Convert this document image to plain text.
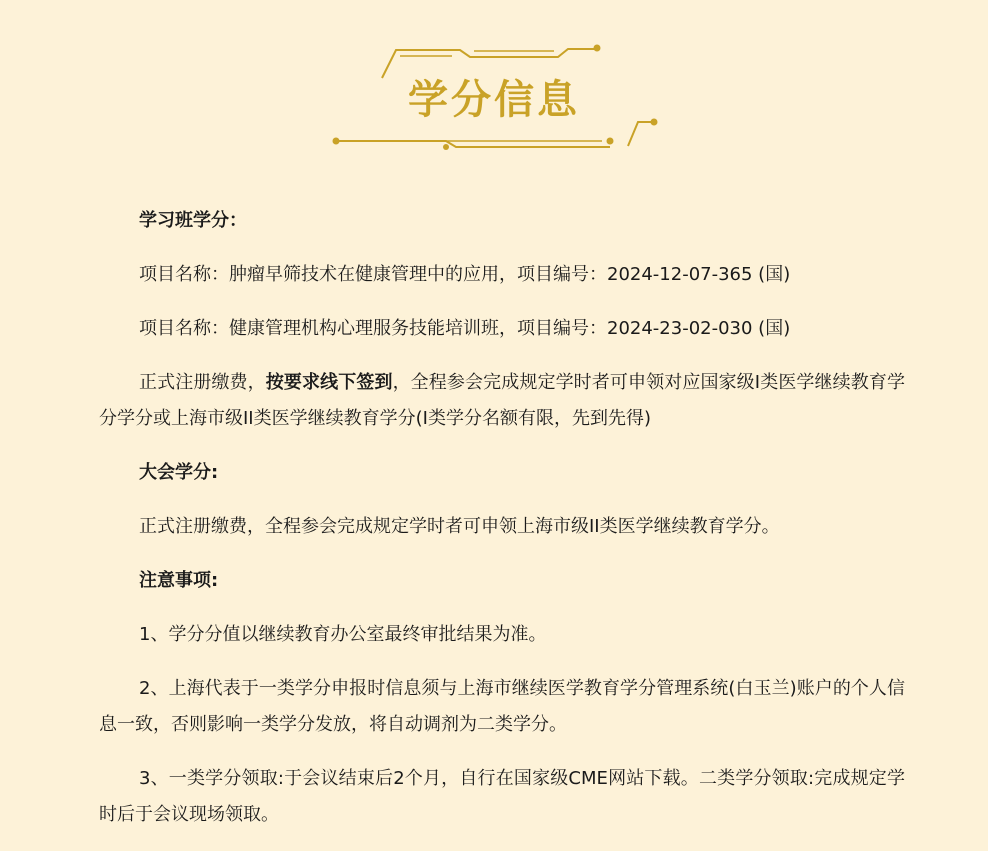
学分信息

学习班学分：

项目名称：肿瘤早筛技术在健康管理中的应用，项目编号：2024-12-07-365 (国)

项目名称：健康管理机构心理服务技能培训班，项目编号：2024-23-02-030 (国)

正式注册缴费，按要求线下签到，全程参会完成规定学时者可申领对应国家级I类医学继续教育学分学分或上海市级II类医学继续教育学分(I类学分名额有限，先到先得)

大会学分:

正式注册缴费，全程参会完成规定学时者可申领上海市级II类医学继续教育学分。

注意事项:

1、学分分值以继续教育办公室最终审批结果为准。

2、上海代表于一类学分申报时信息须与上海市继续医学教育学分管理系统(白玉兰)账户的个人信息一致，否则影响一类学分发放，将自动调剂为二类学分。

3、一类学分领取:于会议结束后2个月，自行在国家级CME网站下载。二类学分领取:完成规定学时后于会议现场领取。
